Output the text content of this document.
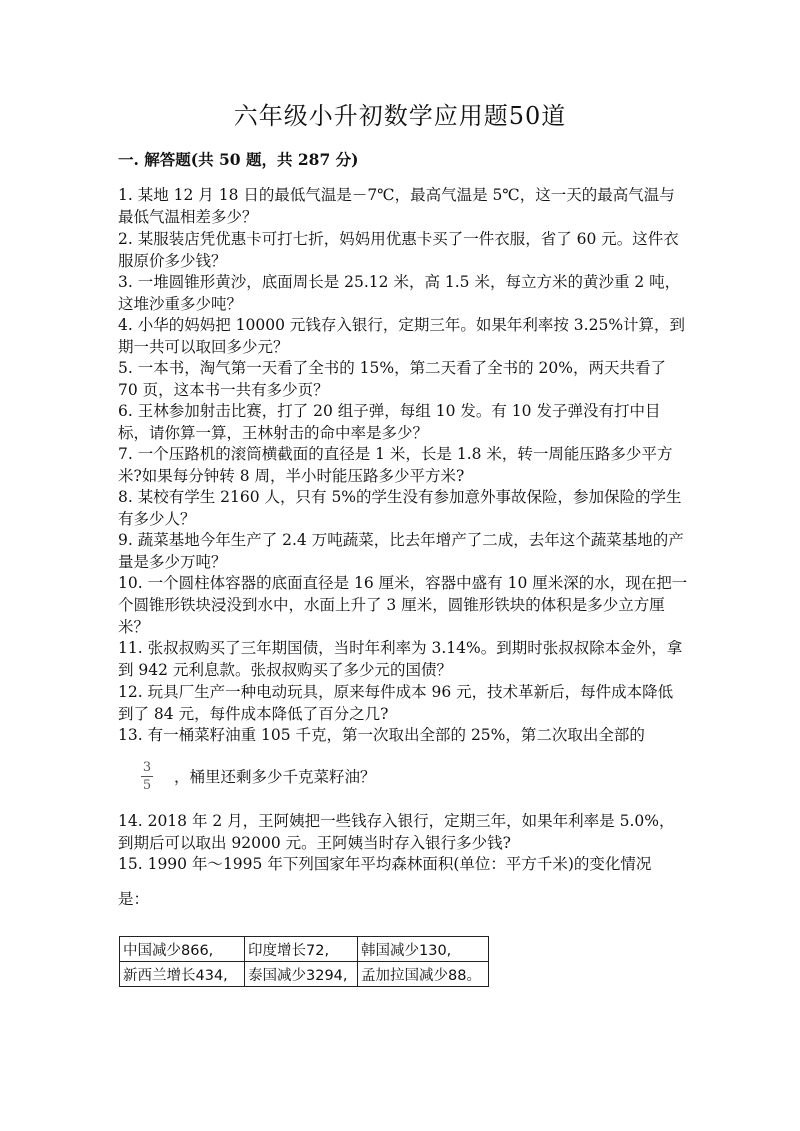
六年级小升初数学应用题50道
一. 解答题(共 50 题，共 287 分)
1. 某地 12 月 18 日的最低气温是－7℃，最高气温是 5℃，这一天的最高气温与最低气温相差多少？
2. 某服装店凭优惠卡可打七折，妈妈用优惠卡买了一件衣服，省了 60 元。这件衣服原价多少钱？
3. 一堆圆锥形黄沙，底面周长是 25.12 米，高 1.5 米，每立方米的黄沙重 2 吨，这堆沙重多少吨？
4. 小华的妈妈把 10000 元钱存入银行，定期三年。如果年利率按 3.25%计算，到期一共可以取回多少元？
5. 一本书，淘气第一天看了全书的 15%，第二天看了全书的 20%，两天共看了 70 页，这本书一共有多少页？
6. 王林参加射击比赛，打了 20 组子弹，每组 10 发。有 10 发子弹没有打中目标，请你算一算，王林射击的命中率是多少？
7. 一个压路机的滚筒横截面的直径是 1 米，长是 1.8 米，转一周能压路多少平方米?如果每分钟转 8 周，半小时能压路多少平方米?
8. 某校有学生 2160 人，只有 5%的学生没有参加意外事故保险，参加保险的学生有多少人？
9. 蔬菜基地今年生产了 2.4 万吨蔬菜，比去年增产了二成，去年这个蔬菜基地的产量是多少万吨？
10. 一个圆柱体容器的底面直径是 16 厘米，容器中盛有 10 厘米深的水，现在把一个圆锥形铁块浸没到水中，水面上升了 3 厘米，圆锥形铁块的体积是多少立方厘米？
11. 张叔叔购买了三年期国债，当时年利率为 3.14%。到期时张叔叔除本金外，拿到 942 元利息款。张叔叔购买了多少元的国债？
12. 玩具厂生产一种电动玩具，原来每件成本 96 元，技术革新后，每件成本降低到了 84 元，每件成本降低了百分之几?
13. 有一桶菜籽油重 105 千克，第一次取出全部的 25%，第二次取出全部的
$\frac{3}{5}$ ，桶里还剩多少千克菜籽油？
14. 2018 年 2 月，王阿姨把一些钱存入银行，定期三年，如果年利率是 5.0%，到期后可以取出 92000 元。王阿姨当时存入银行多少钱?
15. 1990 年～1995 年下列国家年平均森林面积(单位：平方千米)的变化情况
是：
中国减少866,	印度增长72,	韩国减少130,
新西兰增长434,	泰国减少3294,	孟加拉国减少88。
